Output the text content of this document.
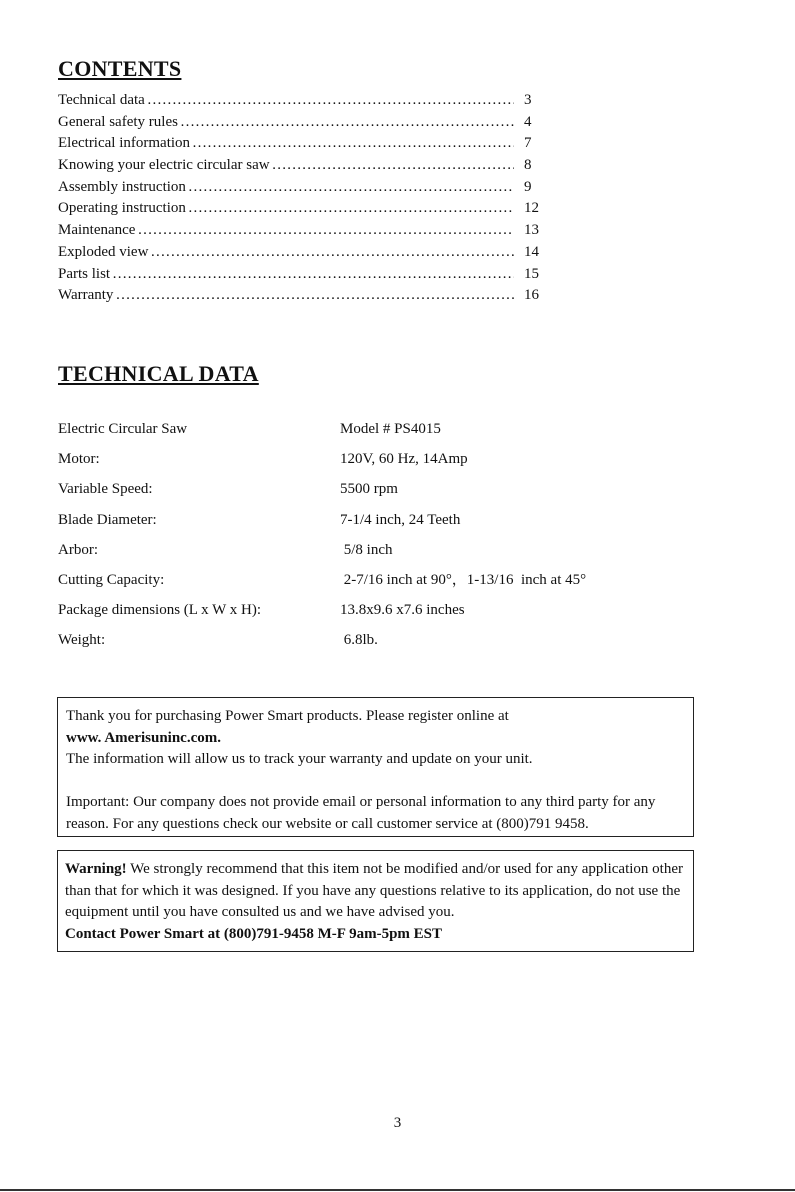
CONTENTS
Technical data ……………………………………………………………………………………………………………………………………………	3
General safety rules ……………………………………………………………………………………………………………………………………………	4
Electrical information ……………………………………………………………………………………………………………………………………………	7
Knowing your electric circular saw ……………………………………………………………………………………………………………………………………………	8
Assembly instruction ……………………………………………………………………………………………………………………………………………	9
Operating instruction ……………………………………………………………………………………………………………………………………………	12
Maintenance ……………………………………………………………………………………………………………………………………………	13
Exploded view ……………………………………………………………………………………………………………………………………………	14
Parts list ……………………………………………………………………………………………………………………………………………	15
Warranty ……………………………………………………………………………………………………………………………………………	16
TECHNICAL DATA
Electric Circular Saw	Model # PS4015
Motor:	120V, 60 Hz, 14Amp
Variable Speed:	5500 rpm
Blade Diameter:	7-1/4 inch, 24 Teeth
Arbor:	5/8 inch
Cutting Capacity:	2-7/16 inch at 90°，1-13/16  inch at 45°
Package dimensions (L x W x H):	13.8x9.6 x7.6 inches
Weight:	6.8lb.
Thank you for purchasing Power Smart products. Please register online at
www. Amerisuninc.com.
The information will allow us to track your warranty and update on your unit.
Important: Our company does not provide email or personal information to any third party for any reason. For any questions check our website or call customer service at (800)791 9458.
Warning! We strongly recommend that this item not be modified and/or used for any application other than that for which it was designed. If you have any questions relative to its application, do not use the equipment until you have consulted us and we have advised you.
Contact Power Smart at (800)791-9458 M-F 9am-5pm EST
3
